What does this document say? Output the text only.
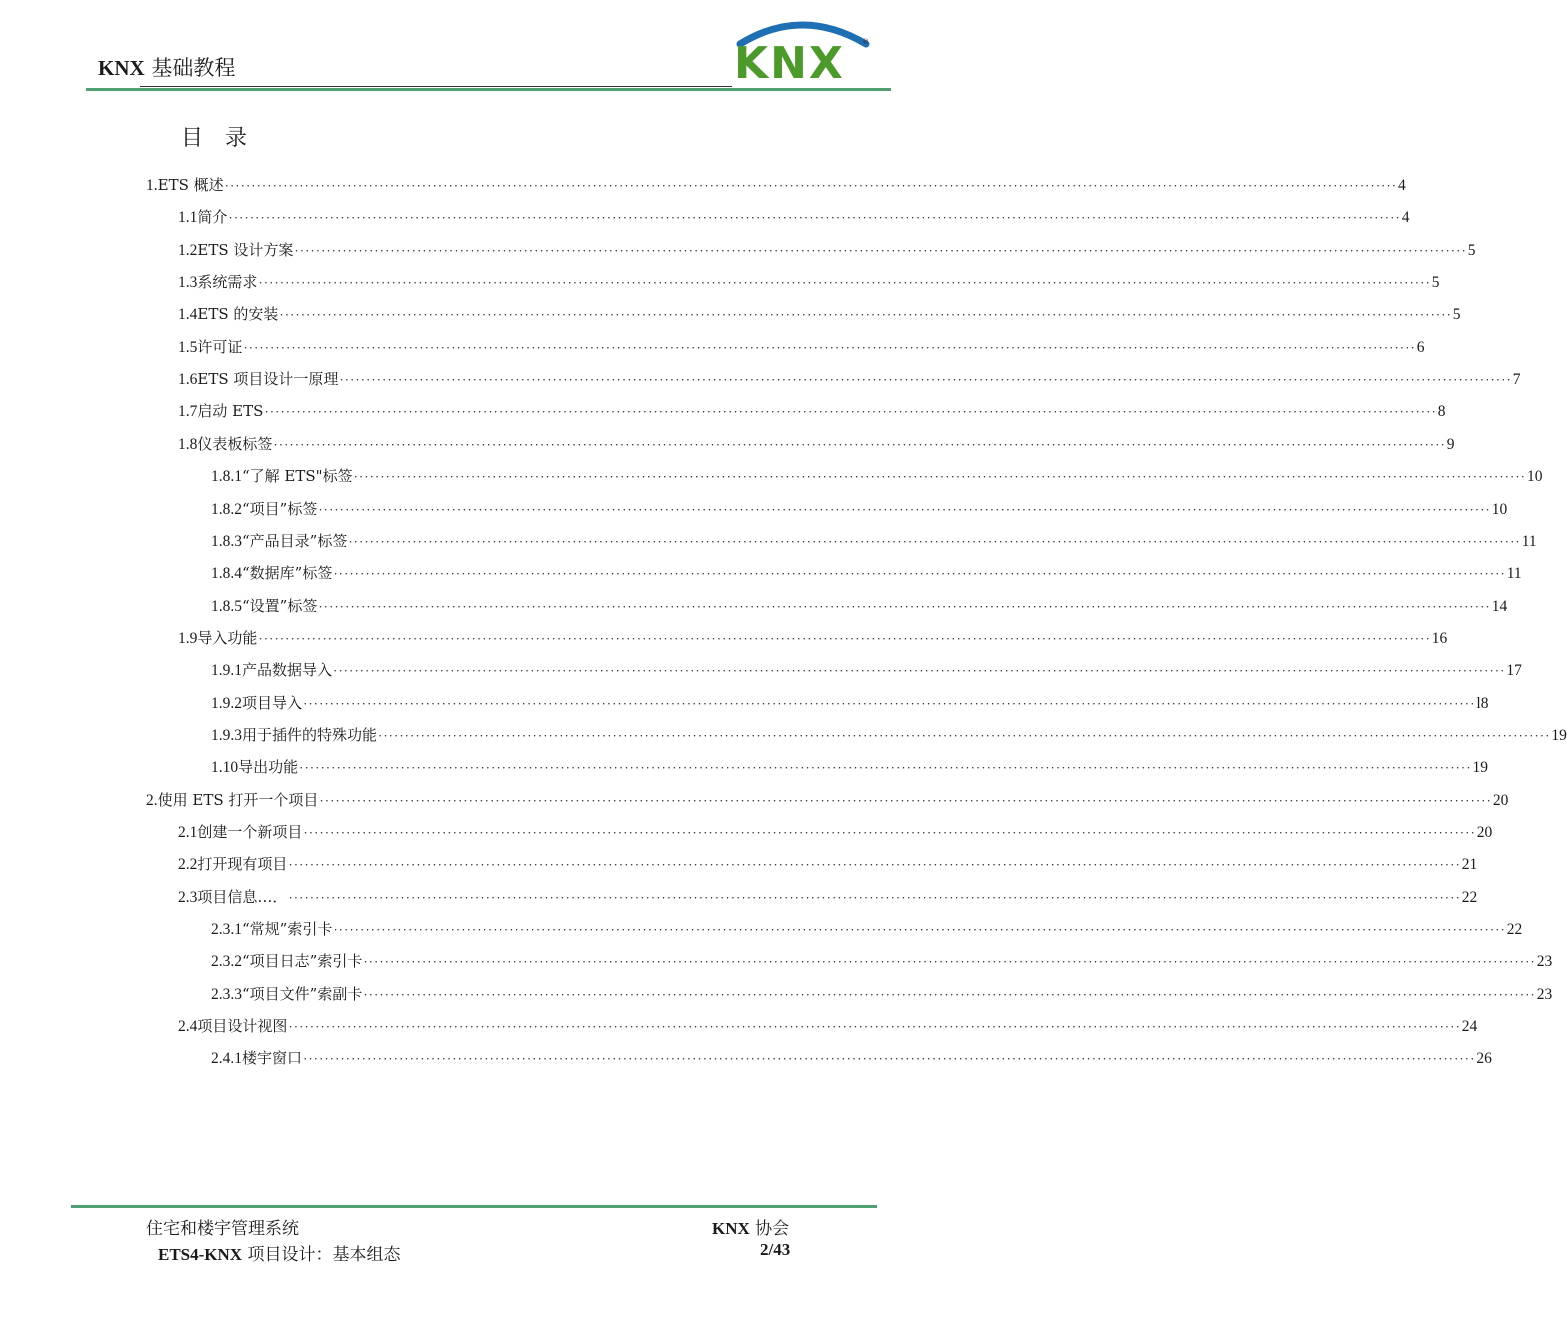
KNX 基础教程	KNX ®
目录
1. ETS 概述 ···························································································································································································································· 4
1.1 简介 ···························································································································································································································· 4
1.2 ETS 设计方案 ···························································································································································································································· 5
1.3 系统需求 ···························································································································································································································· 5
1.4 ETS 的安装 ···························································································································································································································· 5
1.5 许可证 ···························································································································································································································· 6
1.6 ETS 项目设计一原理 ···························································································································································································································· 7
1.7 启动 ETS ···························································································································································································································· 8
1.8 仪表板标签 ···························································································································································································································· 9
1.8.1 “了解 ETS"标签 ···························································································································································································································· 10
1.8.2 “项目”标签 ···························································································································································································································· 10
1.8.3 “产品目录”标签 ···························································································································································································································· 11
1.8.4 “数据库”标签 ···························································································································································································································· 11
1.8.5 “设置”标签 ···························································································································································································································· 14
1.9 导入功能 ···························································································································································································································· 16
1.9.1 产品数据导入 ···························································································································································································································· 17
1.9.2 项目导入 ···························································································································································································································· l8
1.9.3 用于插件的特殊功能 ···························································································································································································································· 19
1.10 导出功能 ···························································································································································································································· 19
2. 使用 ETS 打开一个项目 ···························································································································································································································· 20
2.1 创建一个新项目 ···························································································································································································································· 20
2.2 打开现有项目 ···························································································································································································································· 21
2.3 项目信息…． ···························································································································································································································· 22
2.3.1 “常规”索引卡 ···························································································································································································································· 22
2.3.2 “项目日志”索引卡 ···························································································································································································································· 23
2.3.3 “项目文件”索副卡 ···························································································································································································································· 23
2.4 项目设计视图 ···························································································································································································································· 24
2.4.1 楼宇窗口 ···························································································································································································································· 26
住宅和楼宇管理系统
ETS4-KNX 项目设计：基本组态
KNX 协会
2/43
